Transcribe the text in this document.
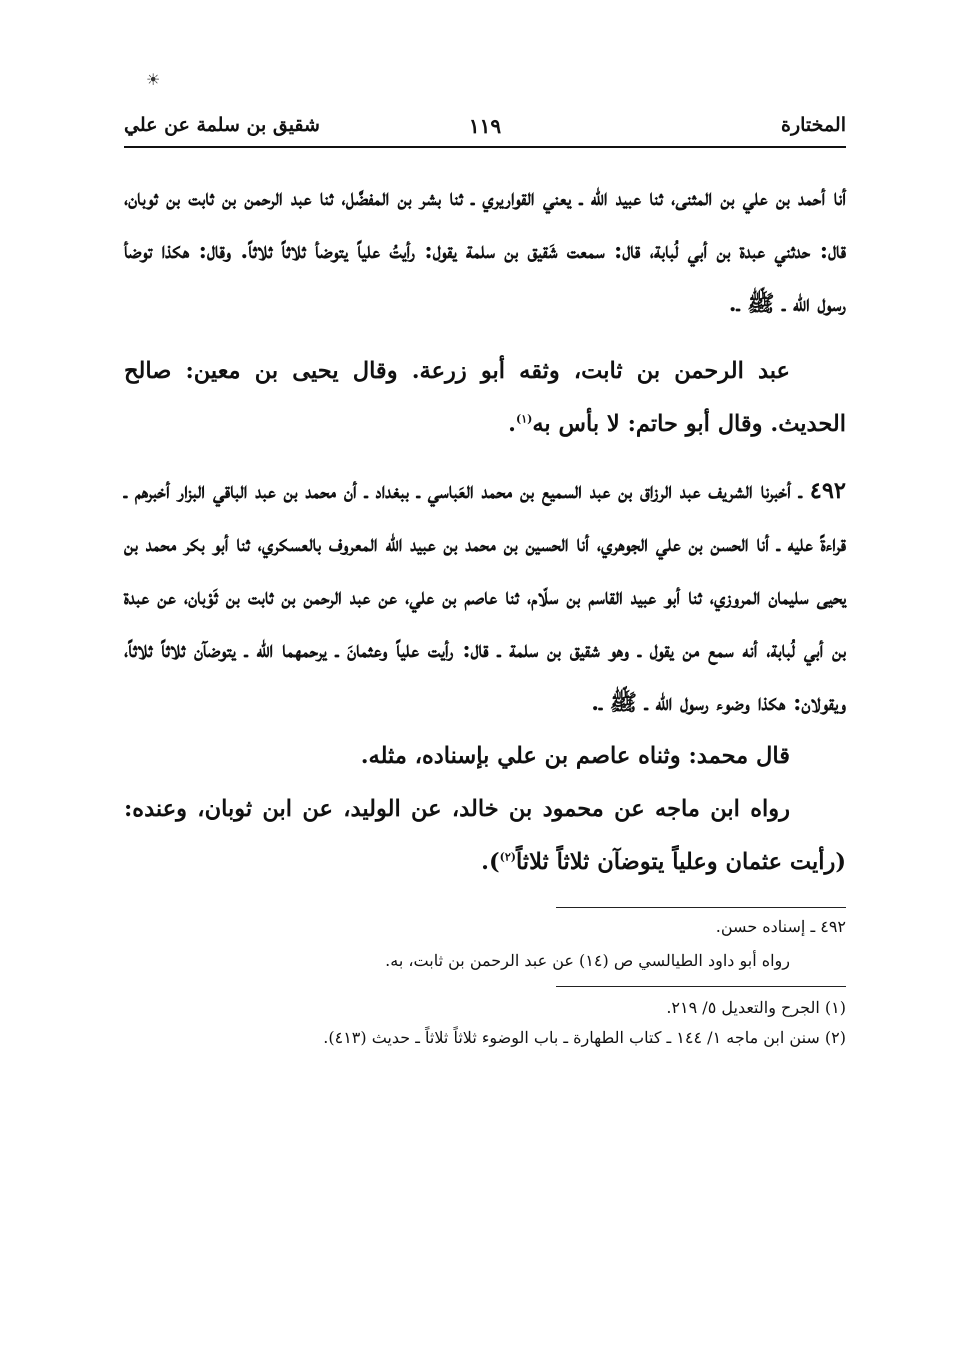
☀
المختارة
١١٩
شقيق بن سلمة عن علي

أنا أحمد بن علي بن المثنى، ثنا عبيد الله ـ يعني القواريري ـ ثنا بشر بن المفضَّل، ثنا عبد الرحمن بن ثابت بن ثوبان، قال: حدثني عبدة بن أبي لُبابة، قال: سمعت شَقيق بن سلمة يقول: رأيتُ علياً يتوضأ ثلاثاً ثلاثاً. وقال: هكذا توضأ رسول الله ـ ﷺ ـ.

عبد الرحمن بن ثابت، وثقه أبو زرعة. وقال يحيى بن معين: صالح الحديث. وقال أبو حاتم: لا بأس به$^{(١)}$.

٤٩٢ ـ أخبرنا الشريف عبد الرزاق بن عبد السميع بن محمد العَباسي ـ ببغداد ـ أن محمد بن عبد الباقي البزار أخبرهم ـ قراءةً عليه ـ أنا الحسن بن علي الجوهري، أنا الحسين بن محمد بن عبيد الله المعروف بالعسكري، ثنا أبو بكر محمد بن يحيى سليمان المروزي، ثنا أبو عبيد القاسم بن سلّام، ثنا عاصم بن علي، عن عبد الرحمن بن ثابت بن ثَوْبان، عن عبدة بن أبي لُبابة، أنه سمع من يقول ـ وهو شقيق بن سلمة ـ قال: رأيت علياً وعثمانَ ـ يرحمهما الله ـ يتوضآن ثلاثاً ثلاثاً، ويقولان: هكذا وضوء رسول الله ـ ﷺ ـ.

قال محمد: وثناه عاصم بن علي بإسناده، مثله.

رواه ابن ماجه عن محمود بن خالد، عن الوليد، عن ابن ثوبان، وعنده: (رأيت عثمان وعلياً يتوضآن ثلاثاً ثلاثاً$^{(٢)}$).

٤٩٢ ـ إسناده حسن.

رواه أبو داود الطيالسي ص (١٤) عن عبد الرحمن بن ثابت، به.

(١) الجرح والتعديل ٥/ ٢١٩.
(٢) سنن ابن ماجه ١/ ١٤٤ ـ كتاب الطهارة ـ باب الوضوء ثلاثاً ثلاثاً ـ حديث (٤١٣).
